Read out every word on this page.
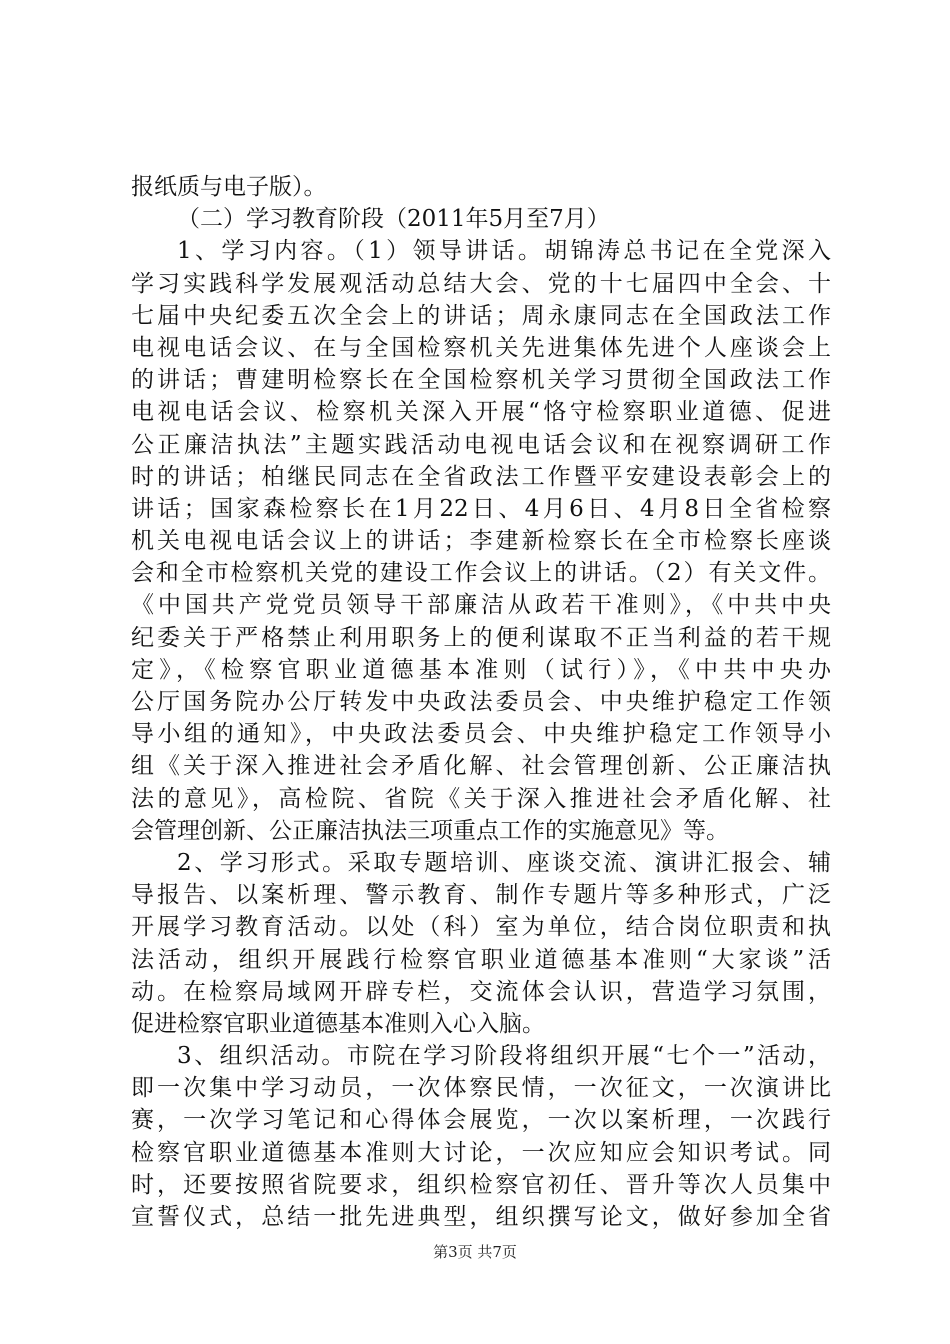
报纸质与电子版）。
（二）学习教育阶段（2011年5月至7月）
1、学习内容。（1）领导讲话。胡锦涛总书记在全党深入
学习实践科学发展观活动总结大会、党的十七届四中全会、十
七届中央纪委五次全会上的讲话；周永康同志在全国政法工作
电视电话会议、在与全国检察机关先进集体先进个人座谈会上
的讲话；曹建明检察长在全国检察机关学习贯彻全国政法工作
电视电话会议、检察机关深入开展“恪守检察职业道德、促进
公正廉洁执法”主题实践活动电视电话会议和在视察调研工作
时的讲话；柏继民同志在全省政法工作暨平安建设表彰会上的
讲话；国家森检察长在1月22日、4月6日、4月8日全省检察
机关电视电话会议上的讲话；李建新检察长在全市检察长座谈
会和全市检察机关党的建设工作会议上的讲话。（2）有关文件。
《中国共产党党员领导干部廉洁从政若干准则》，《中共中央
纪委关于严格禁止利用职务上的便利谋取不正当利益的若干规
定》，《检察官职业道德基本准则（试行）》，《中共中央办
公厅国务院办公厅转发中央政法委员会、中央维护稳定工作领
导小组的通知》，中央政法委员会、中央维护稳定工作领导小
组《关于深入推进社会矛盾化解、社会管理创新、公正廉洁执
法的意见》，高检院、省院《关于深入推进社会矛盾化解、社
会管理创新、公正廉洁执法三项重点工作的实施意见》等。
2、学习形式。采取专题培训、座谈交流、演讲汇报会、辅
导报告、以案析理、警示教育、制作专题片等多种形式，广泛
开展学习教育活动。以处（科）室为单位，结合岗位职责和执
法活动，组织开展践行检察官职业道德基本准则“大家谈”活
动。在检察局域网开辟专栏，交流体会认识，营造学习氛围，
促进检察官职业道德基本准则入心入脑。
3、组织活动。市院在学习阶段将组织开展“七个一”活动，
即一次集中学习动员，一次体察民情，一次征文，一次演讲比
赛，一次学习笔记和心得体会展览，一次以案析理，一次践行
检察官职业道德基本准则大讨论，一次应知应会知识考试。同
时，还要按照省院要求，组织检察官初任、晋升等次人员集中
宣誓仪式，总结一批先进典型，组织撰写论文，做好参加全省
第3页 共7页
